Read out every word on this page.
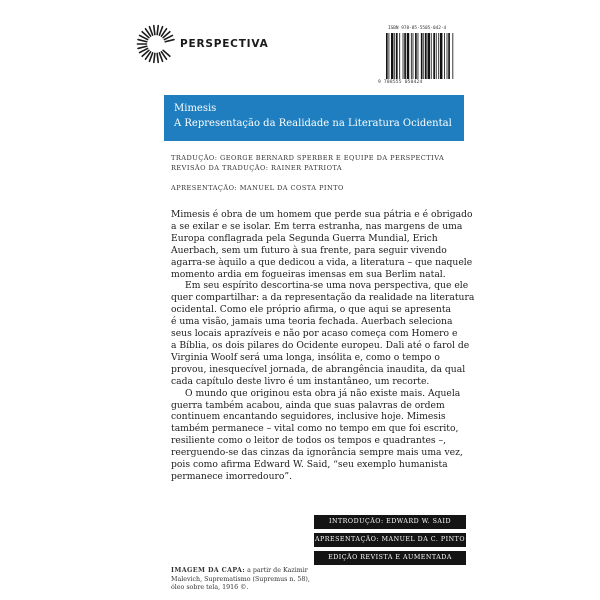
PERSPECTIVA
ISBN 978-85-5505-042-4
9 788555 050424
Mimesis
A Representação da Realidade na Literatura Ocidental
TRADUÇÃO: GEORGE BERNARD SPERBER E EQUIPE DA PERSPECTIVA
REVISÃO DA TRADUÇÃO: RAINER PATRIOTA
APRESENTAÇÃO: MANUEL DA COSTA PINTO

Mimesis é obra de um homem que perde sua pátria e é obrigado
a se exilar e se isolar. Em terra estranha, nas margens de uma
Europa conflagrada pela Segunda Guerra Mundial, Erich
Auerbach, sem um futuro à sua frente, para seguir vivendo
agarra-se àquilo a que dedicou a vida, a literatura – que naquele
momento ardia em fogueiras imensas em sua Berlim natal.

Em seu espírito descortina-se uma nova perspectiva, que ele
quer compartilhar: a da representação da realidade na literatura
ocidental. Como ele próprio afirma, o que aqui se apresenta
é uma visão, jamais uma teoria fechada. Auerbach seleciona
seus locais aprazíveis e não por acaso começa com Homero e
a Bíblia, os dois pilares do Ocidente europeu. Dali até o farol de
Virginia Woolf será uma longa, insólita e, como o tempo o
provou, inesquecível jornada, de abrangência inaudita, da qual
cada capítulo deste livro é um instantâneo, um recorte.

O mundo que originou esta obra já não existe mais. Aquela
guerra também acabou, ainda que suas palavras de ordem
continuem encantando seguidores, inclusive hoje. Mimesis
também permanece – vital como no tempo em que foi escrito,
resiliente como o leitor de todos os tempos e quadrantes –,
reerguendo-se das cinzas da ignorância sempre mais uma vez,
pois como afirma Edward W. Said, “seu exemplo humanista
permanece imorredouro”.

INTRODUÇÃO: EDWARD W. SAID
APRESENTAÇÃO: MANUEL DA C. PINTO
EDIÇÃO REVISTA E AUMENTADA
IMAGEM DA CAPA: a partir de Kazimir
Malevich, Suprematismo (Supremus n. 58),
óleo sobre tela, 1916 ©.
